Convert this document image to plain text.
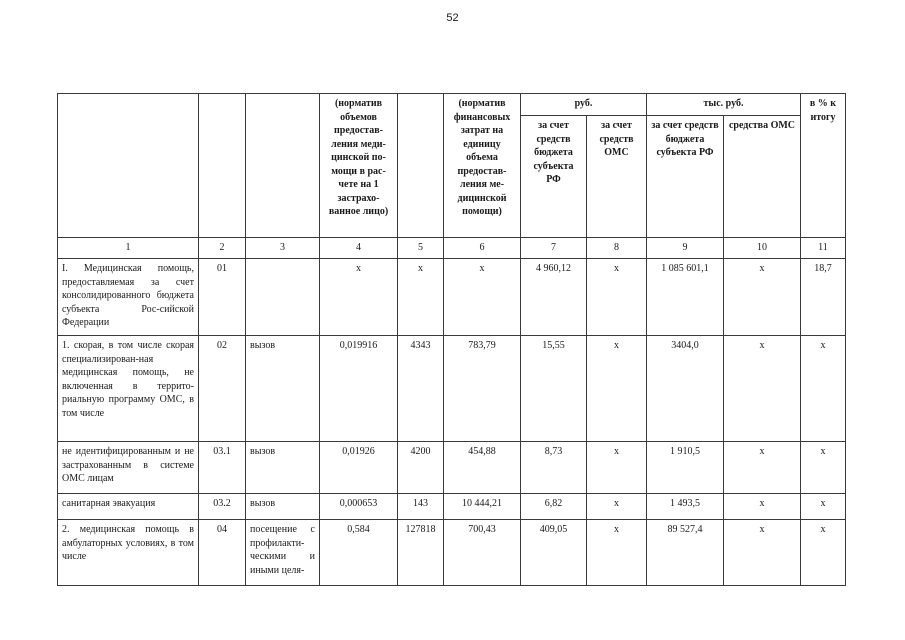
52
			(норматив объемов предостав-ления меди-цинской по-мощи в рас-чете на 1 застрахо-ванное лицо)		(норматив финансовых затрат на единицу объема предостав-ления ме-дицинской помощи)	руб.		тыс. руб.		в % к итогу
						за счет средств бюджета субъекта РФ	за счет средств ОМС	за счет средств бюджета субъекта РФ	средства ОМС	
1	2	3	4	5	6	7	8	9	10	11
I. Медицинская помощь, предоставляемая за счет консолидированного бюджета субъекта Рос-сийской Федерации	01		х	х	х	4 960,12	х	1 085 601,1	х	18,7
1. скорая, в том числе скорая специализирован-ная медицинская помощь, не включенная в террито-риальную программу ОМС, в том числе	02	вызов	0,019916	4343	783,79	15,55	х	3404,0	х	х
не идентифицированным и не застрахованным в системе ОМС лицам	03.1	вызов	0,01926	4200	454,88	8,73	х	1 910,5	х	х
санитарная эвакуация	03.2	вызов	0,000653	143	10 444,21	6,82	х	1 493,5	х	х
2. медицинская помощь в амбулаторных условиях, в том числе	04	посещение с профилакти-ческими и иными целя-	0,584	127818	700,43	409,05	х	89 527,4	х	х
